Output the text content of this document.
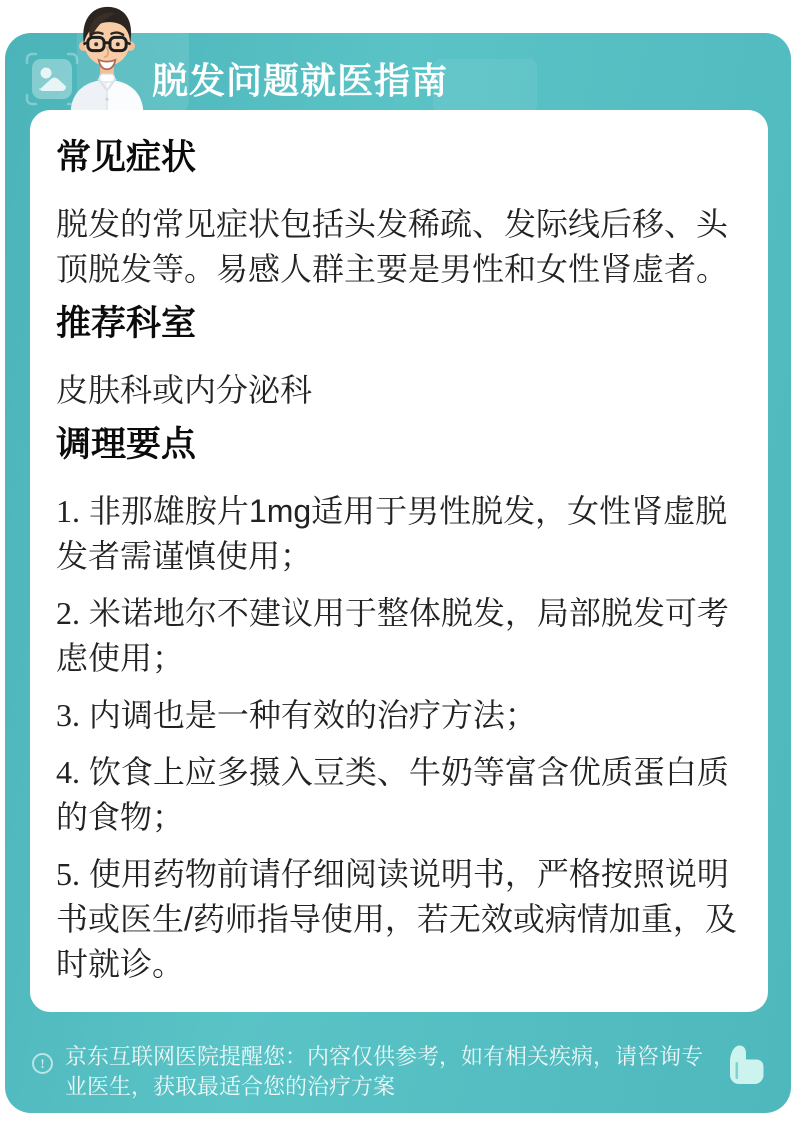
脱发问题就医指南
常见症状

脱发的常见症状包括头发稀疏、发际线后移、头顶脱发等。易感人群主要是男性和女性肾虚者。

推荐科室

皮肤科或内分泌科

调理要点

1. 非那雄胺片1mg适用于男性脱发，女性肾虚脱发者需谨慎使用；

2. 米诺地尔不建议用于整体脱发，局部脱发可考虑使用；

3. 内调也是一种有效的治疗方法；

4. 饮食上应多摄入豆类、牛奶等富含优质蛋白质的食物；

5. 使用药物前请仔细阅读说明书，严格按照说明书或医生/药师指导使用，若无效或病情加重，及时就诊。

! 京东互联网医院提醒您：内容仅供参考，如有相关疾病，请咨询专业医生，获取最适合您的治疗方案
